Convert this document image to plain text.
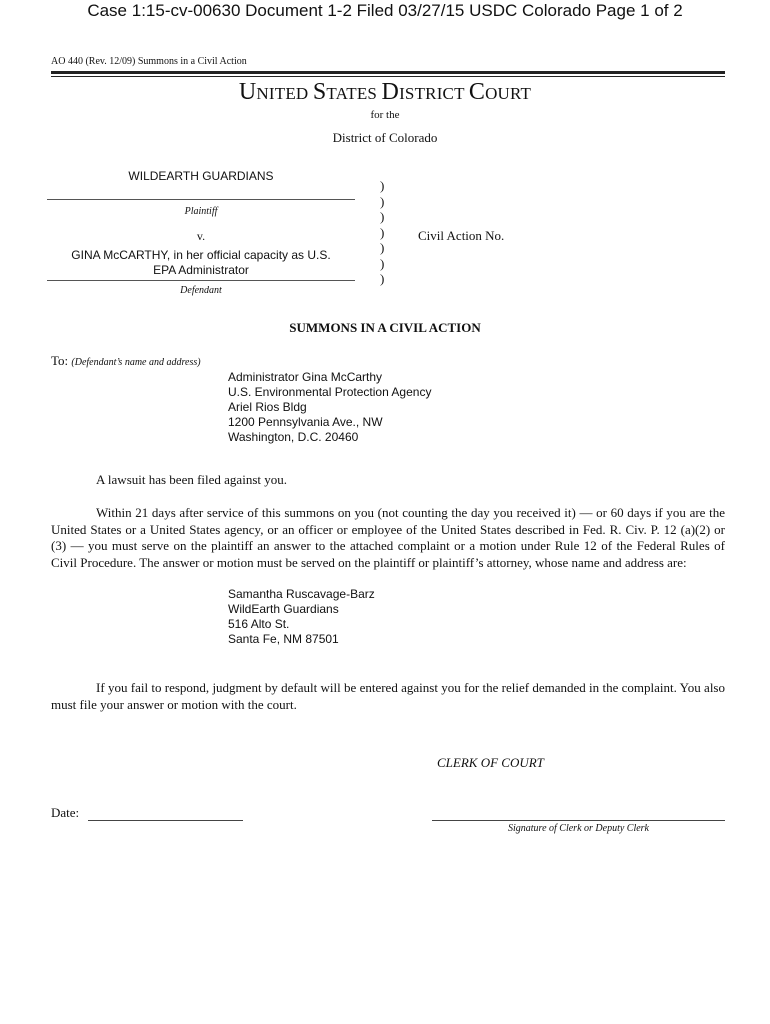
Case 1:15-cv-00630 Document 1-2 Filed 03/27/15 USDC Colorado Page 1 of 2
AO 440 (Rev. 12/09) Summons in a Civil Action
UNITED STATES DISTRICT COURT
for the
District of Colorado
WILDEARTH GUARDIANS
Plaintiff
v.
GINA McCARTHY, in her official capacity as U.S.
EPA Administrator
Defendant
)
)
)
)
)
)
)
Civil Action No.
SUMMONS IN A CIVIL ACTION
To: (Defendant’s name and address)
Administrator Gina McCarthy
U.S. Environmental Protection Agency
Ariel Rios Bldg
1200 Pennsylvania Ave., NW
Washington, D.C. 20460
A lawsuit has been filed against you.
Within 21 days after service of this summons on you (not counting the day you received it) — or 60 days if you are the United States or a United States agency, or an officer or employee of the United States described in Fed. R. Civ. P. 12 (a)(2) or (3) — you must serve on the plaintiff an answer to the attached complaint or a motion under Rule 12 of the Federal Rules of Civil Procedure. The answer or motion must be served on the plaintiff or plaintiff’s attorney, whose name and address are:
Samantha Ruscavage-Barz
WildEarth Guardians
516 Alto St.
Santa Fe, NM 87501
If you fail to respond, judgment by default will be entered against you for the relief demanded in the complaint. You also must file your answer or motion with the court.
CLERK OF COURT
Date:
Signature of Clerk or Deputy Clerk
